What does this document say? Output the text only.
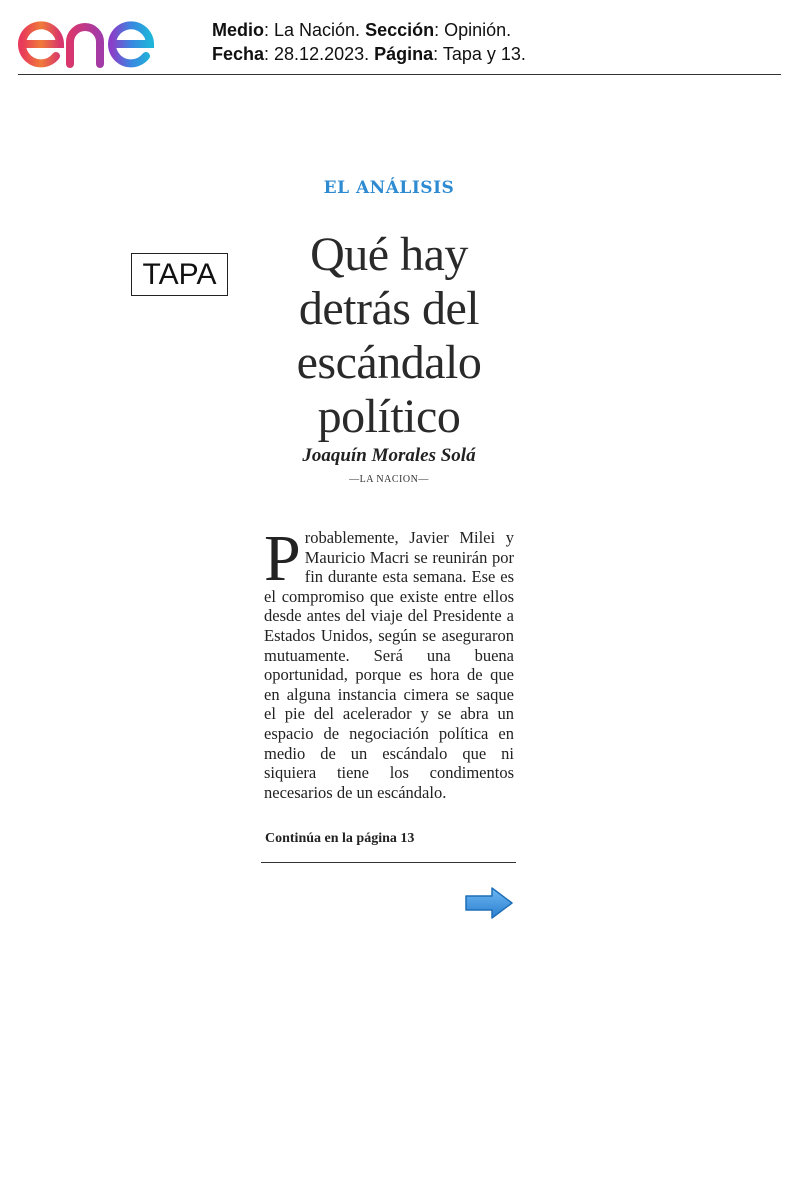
Medio: La Nación. Sección: Opinión.
Fecha: 28.12.2023. Página: Tapa y 13.
TAPA
EL ANÁLISIS
Qué hay
detrás del
escándalo
político
Joaquín Morales Solá
—LA NACION—
Probablemente, Javier Milei y Mauricio Macri se reunirán por fin durante esta semana. Ese es el compromiso que existe entre ellos desde antes del viaje del Presidente a Estados Unidos, según se aseguraron mutuamente. Será una buena oportunidad, porque es hora de que en alguna instancia cimera se saque el pie del acelerador y se abra un espacio de negociación política en medio de un escándalo que ni siquiera tiene los condimentos necesarios de un escándalo.
Continúa en la página 13
